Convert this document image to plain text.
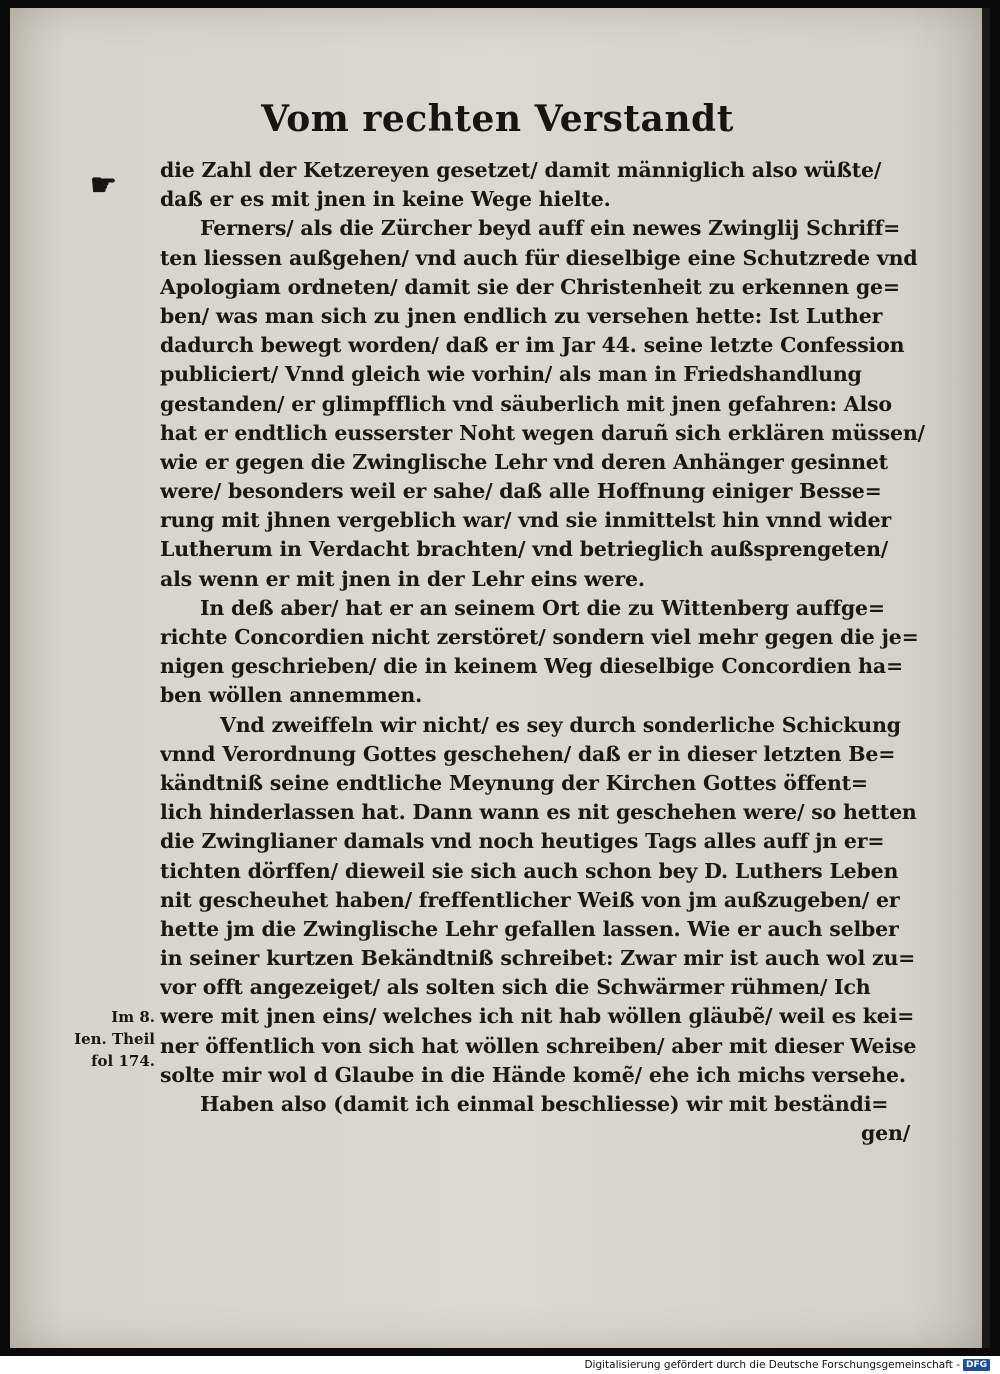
Vom rechten Verstandt
☛ die Zahl der Ketzereyen gesetzet/ damit männiglich also wüßte/
daß er es mit jnen in keine Wege hielte.
Ferners/ als die Zürcher beyd auff ein newes Zwinglij Schriff=
ten liessen außgehen/ vnd auch für dieselbige eine Schutzrede vnd
Apologiam ordneten/ damit sie der Christenheit zu erkennen ge=
ben/ was man sich zu jnen endlich zu versehen hette: Ist Luther
dadurch bewegt worden/ daß er im Jar 44. seine letzte Confession
publiciert/ Vnnd gleich wie vorhin/ als man in Friedshandlung
gestanden/ er glimpfflich vnd säuberlich mit jnen gefahren: Also
hat er endtlich eusserster Noht wegen daruñ sich erklären müssen/
wie er gegen die Zwinglische Lehr vnd deren Anhänger gesinnet
were/ besonders weil er sahe/ daß alle Hoffnung einiger Besse=
rung mit jhnen vergeblich war/ vnd sie inmittelst hin vnnd wider
Lutherum in Verdacht brachten/ vnd betrieglich außsprengeten/
als wenn er mit jnen in der Lehr eins were.
In deß aber/ hat er an seinem Ort die zu Wittenberg auffge=
richte Concordien nicht zerstöret/ sondern viel mehr gegen die je=
nigen geschrieben/ die in keinem Weg dieselbige Concordien ha=
ben wöllen annemmen.
Vnd zweiffeln wir nicht/ es sey durch sonderliche Schickung
vnnd Verordnung Gottes geschehen/ daß er in dieser letzten Be=
kändtniß seine endtliche Meynung der Kirchen Gottes öffent=
lich hinderlassen hat. Dann wann es nit geschehen were/ so hetten
die Zwinglianer damals vnd noch heutiges Tags alles auff jn er=
tichten dörffen/ dieweil sie sich auch schon bey D. Luthers Leben
nit gescheuhet haben/ freffentlicher Weiß von jm außzugeben/ er
hette jm die Zwinglische Lehr gefallen lassen. Wie er auch selber
in seiner kurtzen Bekändtniß schreibet: Zwar mir ist auch wol zu=
vor offt angezeiget/ als solten sich die Schwärmer rühmen/ Ich
were mit jnen eins/ welches ich nit hab wöllen gläubẽ/ weil es kei=
ner öffentlich von sich hat wöllen schreiben/ aber mit dieser Weise
solte mir wol d Glaube in die Hände komẽ/ ehe ich michs versehe.
Haben also (damit ich einmal beschliesse) wir mit beständi=
gen/
Im 8.
Ien. Theil
fol 174.
Digitalisierung gefördert durch die Deutsche Forschungsgemeinschaft - DFG
